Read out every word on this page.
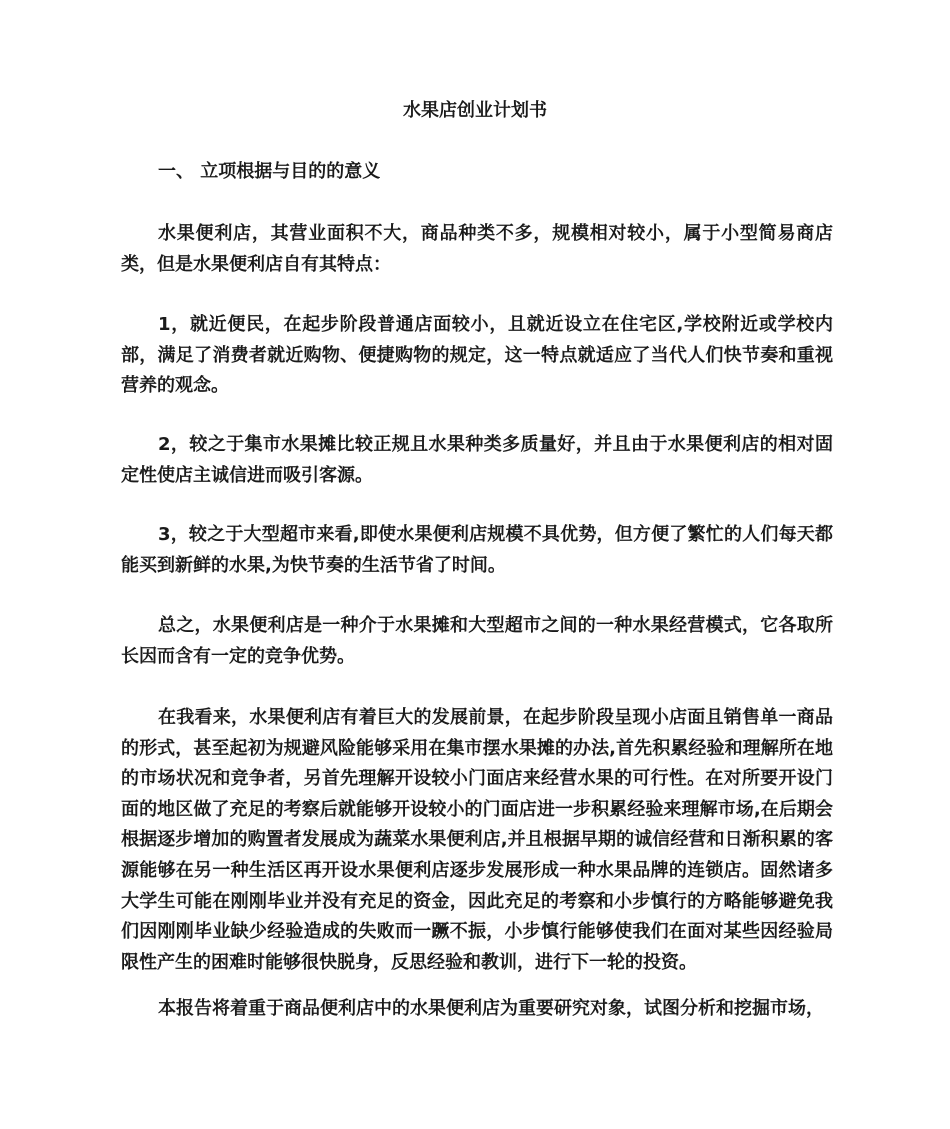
水果店创业计划书
一、 立项根据与目的的意义

水果便利店，其营业面积不大，商品种类不多，规模相对较小，属于小型简易商店类，但是水果便利店自有其特点：

1，就近便民，在起步阶段普通店面较小，且就近设立在住宅区,学校附近或学校内部，满足了消费者就近购物、便捷购物的规定，这一特点就适应了当代人们快节奏和重视营养的观念。

2，较之于集市水果摊比较正规且水果种类多质量好，并且由于水果便利店的相对固定性使店主诚信进而吸引客源。

3，较之于大型超市来看,即使水果便利店规模不具优势，但方便了繁忙的人们每天都能买到新鲜的水果,为快节奏的生活节省了时间。

总之，水果便利店是一种介于水果摊和大型超市之间的一种水果经营模式，它各取所长因而含有一定的竞争优势。

在我看来，水果便利店有着巨大的发展前景，在起步阶段呈现小店面且销售单一商品的形式，甚至起初为规避风险能够采用在集市摆水果摊的办法,首先积累经验和理解所在地的市场状况和竞争者，另首先理解开设较小门面店来经营水果的可行性。在对所要开设门面的地区做了充足的考察后就能够开设较小的门面店进一步积累经验来理解市场,在后期会根据逐步增加的购置者发展成为蔬菜水果便利店,并且根据早期的诚信经营和日渐积累的客源能够在另一种生活区再开设水果便利店逐步发展形成一种水果品牌的连锁店。固然诸多大学生可能在刚刚毕业并没有充足的资金，因此充足的考察和小步慎行的方略能够避免我们因刚刚毕业缺少经验造成的失败而一蹶不振，小步慎行能够使我们在面对某些因经验局限性产生的困难时能够很快脱身，反思经验和教训，进行下一轮的投资。

本报告将着重于商品便利店中的水果便利店为重要研究对象，试图分析和挖掘市场，
